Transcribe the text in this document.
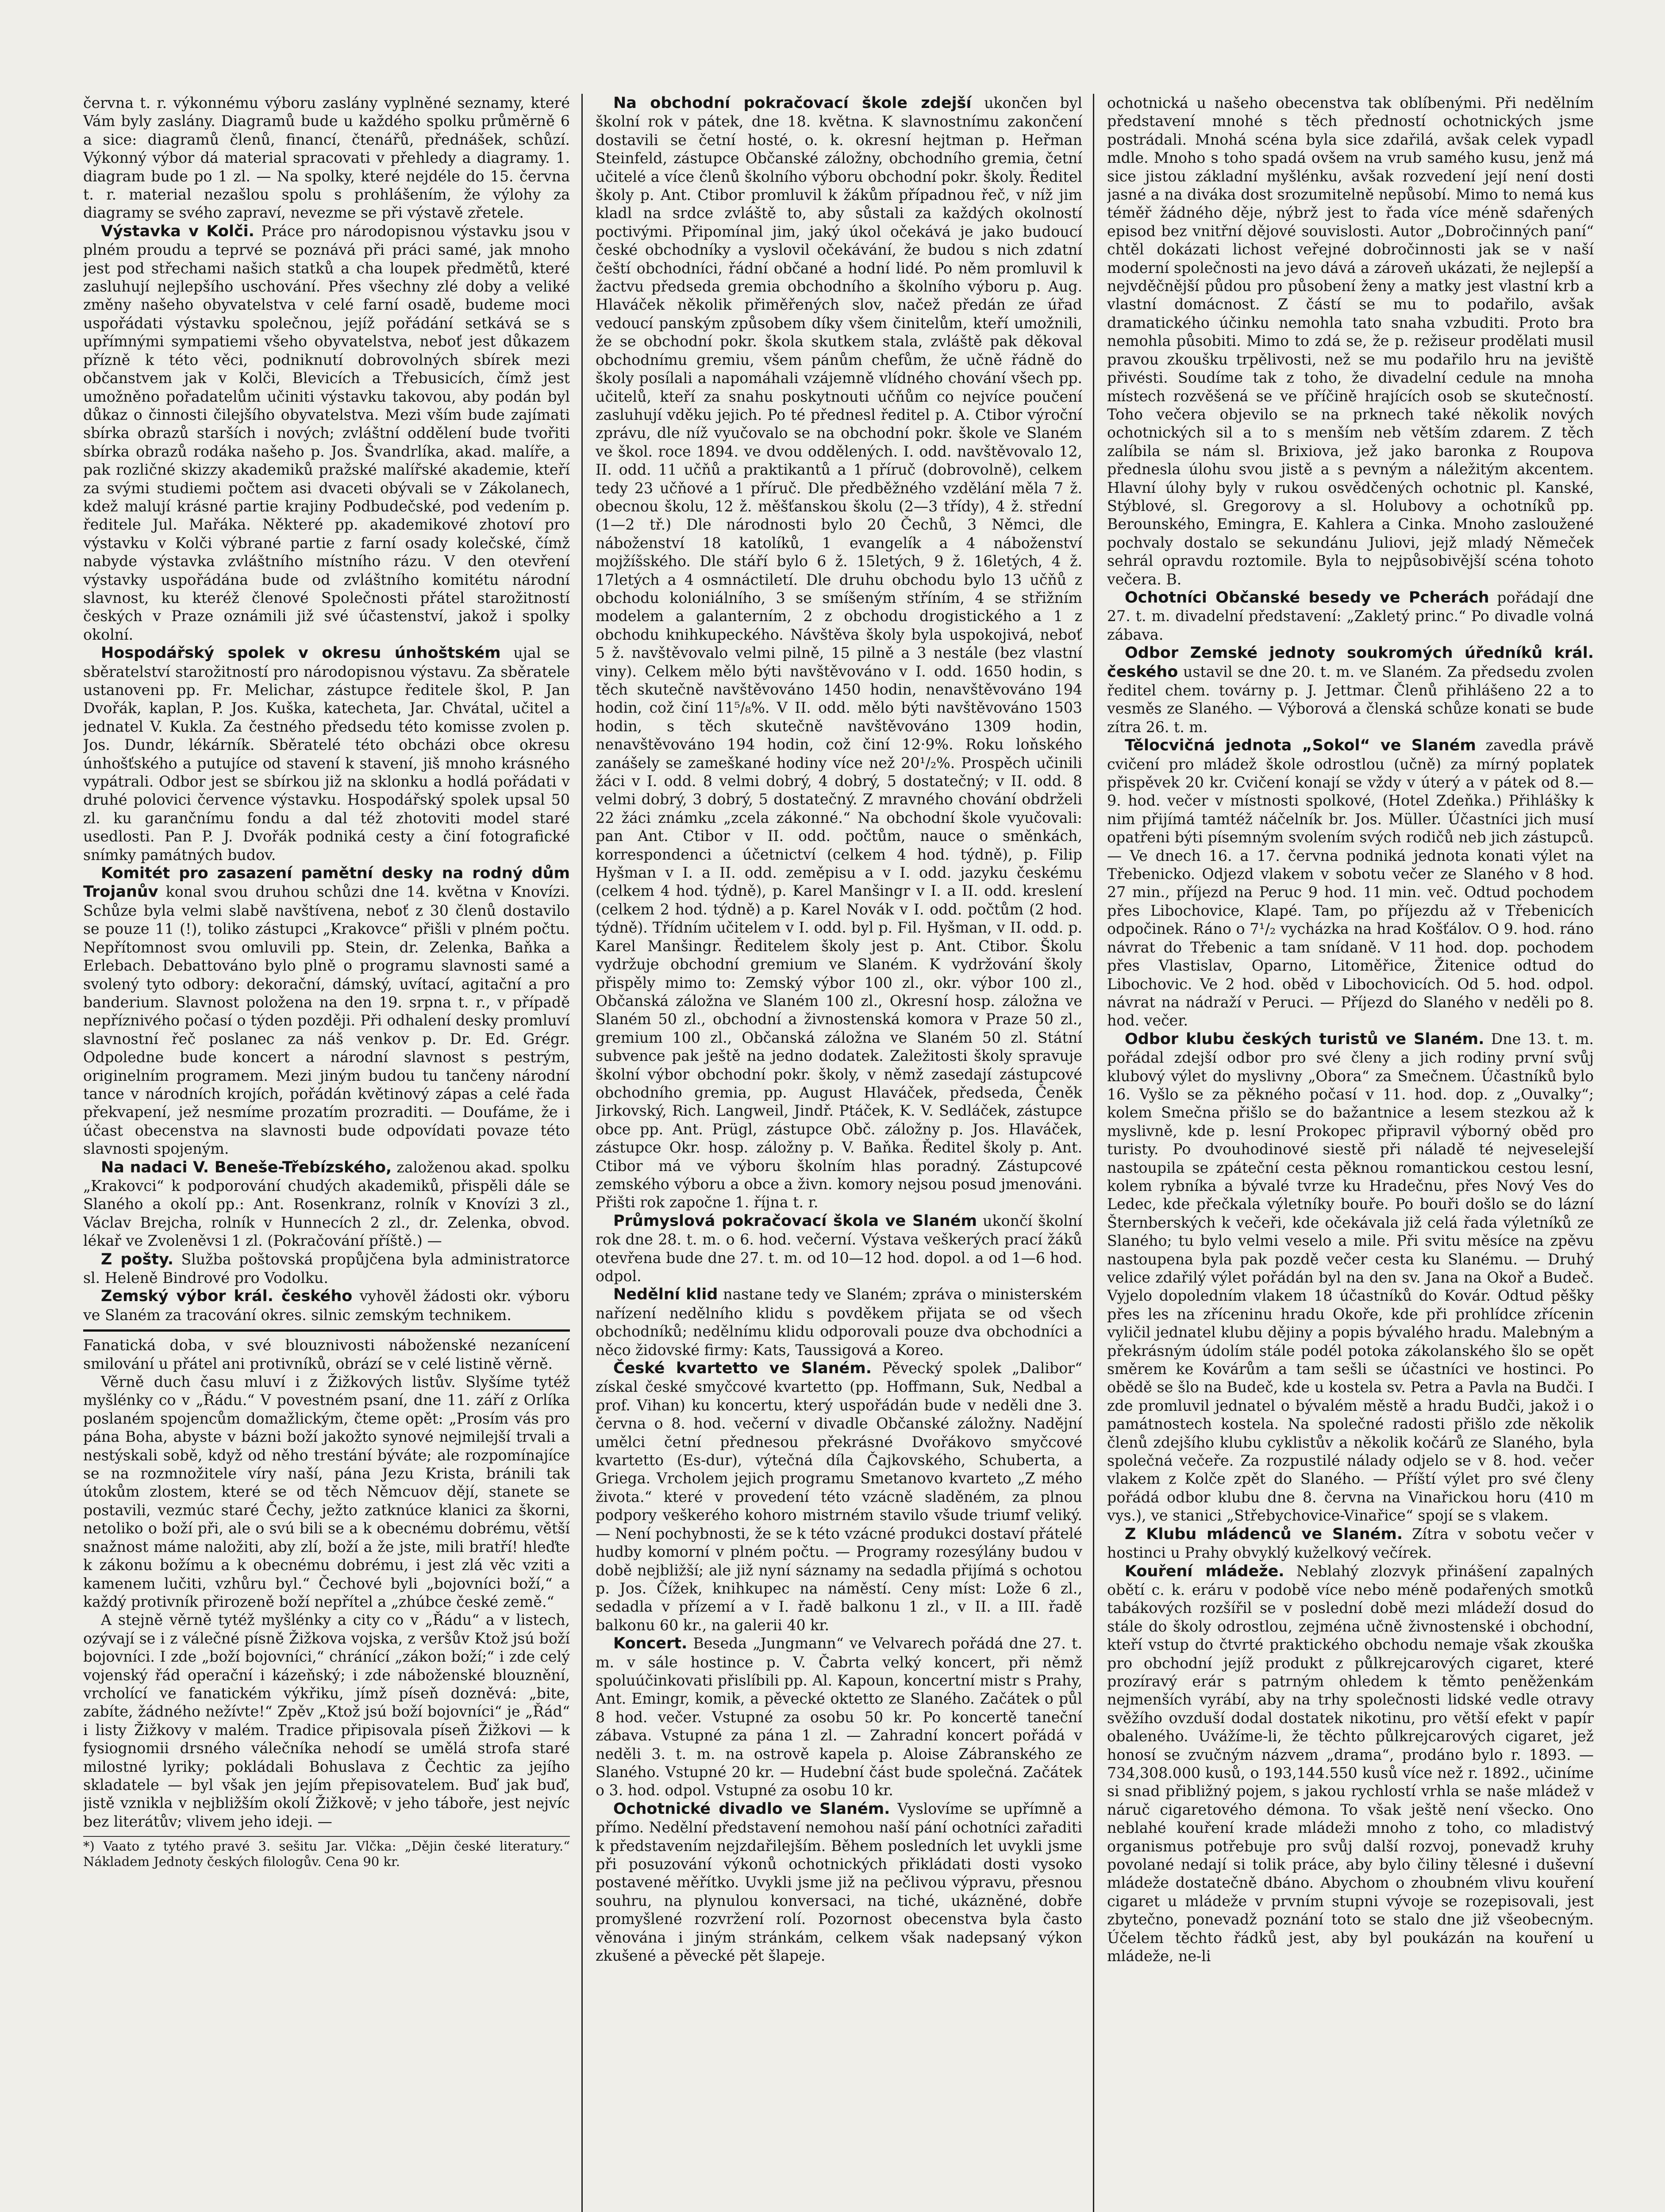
června t. r. výkonnému výboru zaslány vyplněné seznamy, které Vám byly zaslány. Diagramů bude u každého spolku průměrně 6 a sice: diagramů členů, financí, čtenářů, přednášek, schůzí. Výkonný výbor dá material spracovati v přehledy a diagramy. 1. diagram bude po 1 zl. — Na spolky, které nejdéle do 15. června t. r. material nezašlou spolu s prohlášením, že výlohy za diagramy se svého zapraví, nevezme se při výstavě zřetele.

Výstavka v Kolči. Práce pro národopisnou výstavku jsou v plném proudu a teprvé se poznává při práci samé, jak mnoho jest pod střechami našich statků a cha loupek předmětů, které zasluhují nejlepšího uschování. Přes všechny zlé doby a veliké změny našeho obyvatelstva v celé farní osadě, budeme moci uspořádati výstavku společnou, jejíž pořádání setkává se s upřímnými sympatiemi všeho obyvatelstva, neboť jest důkazem přízně k této věci, podniknutí dobrovolných sbírek mezi občanstvem jak v Kolči, Blevicích a Třebusicích, čímž jest umožněno pořadatelům učiniti výstavku takovou, aby podán byl důkaz o činnosti čilejšího obyvatelstva. Mezi vším bude zajímati sbírka obrazů starších i nových; zvláštní oddělení bude tvořiti sbírka obrazů rodáka našeho p. Jos. Švandrlíka, akad. malíře, a pak rozličné skizzy akademiků pražské malířské akademie, kteří za svými studiemi počtem asi dvaceti obývali se v Zákolanech, kdež malují krásné partie krajiny Podbudečské, pod vedením p. ředitele Jul. Mařáka. Některé pp. akademikové zhotoví pro výstavku v Kolči výbrané partie z farní osady kolečské, čímž nabyde výstavka zvláštního místního rázu. V den otevření výstavky uspořádána bude od zvláštního komitétu národní slavnost, ku kteréž členové Společnosti přátel starožitností českých v Praze oznámili již své účastenství, jakož i spolky okolní.

Hospodářský spolek v okresu únhoštském ujal se sběratelství starožitností pro národopisnou výstavu. Za sběratele ustanoveni pp. Fr. Melichar, zástupce ředitele škol, P. Jan Dvořák, kaplan, P. Jos. Kuška, katecheta, Jar. Chvátal, učitel a jednatel V. Kukla. Za čestného předsedu této komisse zvolen p. Jos. Dundr, lékárník. Sběratelé této obcházi obce okresu únhošťského a putujíce od stavení k stavení, jiš mnoho krásného vypátrali. Odbor jest se sbírkou již na sklonku a hodlá pořádati v druhé polovici července výstavku. Hospodářský spolek upsal 50 zl. ku garančnímu fondu a dal též zhotoviti model staré usedlosti. Pan P. J. Dvořák podniká cesty a činí fotografické snímky památných budov.

Komitét pro zasazení pamětní desky na rodný dům Trojanův konal svou druhou schůzi dne 14. května v Knovízi. Schůze byla velmi slabě navštívena, neboť z 30 členů dostavilo se pouze 11 (!), toliko zástupci „Krakovce“ přišli v plném počtu. Nepřítomnost svou omluvili pp. Stein, dr. Zelenka, Baňka a Erlebach. Debattováno bylo plně o programu slavnosti samé a svolený tyto odbory: dekorační, dámský, uvítací, agitační a pro banderium. Slavnost položena na den 19. srpna t. r., v případě nepříznivého počasí o týden později. Při odhalení desky promluví slavnostní řeč poslanec za náš venkov p. Dr. Ed. Grégr. Odpoledne bude koncert a národní slavnost s pestrým, originelním programem. Mezi jiným budou tu tančeny národní tance v národních krojích, pořádán květinový zápas a celé řada překvapení, jež nesmíme prozatím prozraditi. — Doufáme, že i účast obecenstva na slavnosti bude odpovídati povaze této slavnosti spojeným.

Na nadaci V. Beneše-Třebízského, založenou akad. spolku „Krakovci“ k podporování chudých akademiků, přispěli dále se Slaného a okolí pp.: Ant. Rosenkranz, rolník v Knovízi 3 zl., Václav Brejcha, rolník v Hunnecích 2 zl., dr. Zelenka, obvod. lékař ve Zvoleněvsi 1 zl. (Pokračování příště.) —

Z pošty. Služba poštovská propůjčena byla administratorce sl. Heleně Bindrové pro Vodolku.

Zemský výbor král. českého vyhověl žádosti okr. výboru ve Slaném za tracování okres. silnic zemským technikem.

Fanatická doba, v své blouznivosti náboženské nezanícení smilování u přátel ani protivníků, obrází se v celé listině věrně.

Věrně duch času mluví i z Žižkových listův. Slyšíme tytéž myšlénky co v „Řádu.“ V povestném psaní, dne 11. září z Orlíka poslaném spojencům domažlickým, čteme opět: „Prosím vás pro pána Boha, abyste v bázni boží jakožto synové nejmilejší trvali a nestýskali sobě, když od něho trestání býváte; ale rozpomínajíce se na rozmnožitele víry naší, pána Jezu Krista, bránili tak útokům zlostem, které se od těch Němcuov dějí, stanete se postavili, vezmúc staré Čechy, ježto zatknúce klanici za škorni, netoliko o boží při, ale o svú bili se a k obecnému dobrému, větší snažnost máme naložiti, aby zlí, boží a že jste, mili bratří! hleďte k zákonu božímu a k obecnému dobrému, i jest zlá věc vziti a kamenem lučiti, vzhůru byl.“ Čechové byli „bojovníci boží,“ a každý protivník přirozeně boží nepřítel a „zhúbce české země.“

A stejně věrně tytéž myšlénky a city co v „Řádu“ a v listech, ozývají se i z válečné písně Žižkova vojska, z veršův Ktož jsú boží bojovníci. I zde „boží bojovníci,“ chránící „zákon boží;“ i zde celý vojenský řád operační i kázeňský; i zde náboženské blouznění, vrcholící ve fanatickém výkřiku, jímž píseň dozněvá: „bite, zabíte, žádného nežívte!“ Zpěv „Ktož jsú boží bojovníci“ je „Řád“ i listy Žižkovy v malém. Tradice připisovala píseň Žižkovi — k fysiognomii drsného válečníka nehodí se umělá strofa staré milostné lyriky; pokládali Bohuslava z Čechtic za jejího skladatele — byl však jen jejím přepisovatelem. Buď jak buď, jistě vznikla v nejbližším okolí Žižkově; v jeho táboře, jest nejvíc bez literátův; vlivem jeho ideji. —

*) Vaato z tytého pravé 3. sešitu Jar. Vlčka: „Dějin české literatury.“ Nákladem Jednoty českých filologův. Cena 90 kr.

Na obchodní pokračovací škole zdejší ukončen byl školní rok v pátek, dne 18. května. K slavnostnímu zakončení dostavili se četní hosté, o. k. okresní hejtman p. Heřman Steinfeld, zástupce Občanské záložny, obchodního gremia, četní učitelé a více členů školního výboru obchodní pokr. školy. Ředitel školy p. Ant. Ctibor promluvil k žákům případnou řeč, v níž jim kladl na srdce zvláště to, aby sůstali za každých okolností poctivými. Připomínal jim, jaký úkol očekává je jako budoucí české obchodníky a vyslovil očekávání, že budou s nich zdatní čeští obchodníci, řádní občané a hodní lidé. Po něm promluvil k žactvu předseda gremia obchodního a školního výboru p. Aug. Hlaváček několik přiměřených slov, načež předán ze úřad vedoucí panským způsobem díky všem činitelům, kteří umožnili, že se obchodní pokr. škola skutkem stala, zvláště pak děkoval obchodnímu gremiu, všem pánům chefům, že učně řádně do školy posílali a napomáhali vzájemně vlídného chování všech pp. učitelů, kteří za snahu poskytnouti učňům co nejvíce poučení zasluhují vděku jejich. Po té přednesl ředitel p. A. Ctibor výroční zprávu, dle níž vyučovalo se na obchodní pokr. škole ve Slaném ve škol. roce 1894. ve dvou oddělených. I. odd. navštěvovalo 12, II. odd. 11 učňů a praktikantů a 1 příruč (dobrovolně), celkem tedy 23 učňové a 1 příruč. Dle předběžného vzdělání měla 7 ž. obecnou školu, 12 ž. měšťanskou školu (2—3 třídy), 4 ž. střední (1—2 tř.) Dle národnosti bylo 20 Čechů, 3 Němci, dle náboženství 18 katolíků, 1 evangelík a 4 náboženství mojžíšského. Dle stáří bylo 6 ž. 15letých, 9 ž. 16letých, 4 ž. 17letých a 4 osmnáctiletí. Dle druhu obchodu bylo 13 učňů z obchodu koloniálního, 3 se smíšeným stříním, 4 se střižním modelem a galanterním, 2 z obchodu drogistického a 1 z obchodu knihkupeckého. Návštěva školy byla uspokojivá, neboť 5 ž. navštěvovalo velmi pilně, 15 pilně a 3 nestále (bez vlastní viny). Celkem mělo býti navštěvováno v I. odd. 1650 hodin, s těch skutečně navštěvováno 1450 hodin, nenavštěvováno 194 hodin, což činí 11⁵/₈%. V II. odd. mělo býti navštěvováno 1503 hodin, s těch skutečně navštěvováno 1309 hodin, nenavštěvováno 194 hodin, což činí 12·9%. Roku loňského zanášely se zameškané hodiny více než 20¹/₂%. Prospěch učinili žáci v I. odd. 8 velmi dobrý, 4 dobrý, 5 dostatečný; v II. odd. 8 velmi dobrý, 3 dobrý, 5 dostatečný. Z mravného chování obdrželi 22 žáci známku „zcela zákonné.“ Na obchodní škole vyučovali: pan Ant. Ctibor v II. odd. počtům, nauce o směnkách, korrespondenci a účetnictví (celkem 4 hod. týdně), p. Filip Hyšman v I. a II. odd. zeměpisu a v I. odd. jazyku českému (celkem 4 hod. týdně), p. Karel Manšingr v I. a II. odd. kreslení (celkem 2 hod. týdně) a p. Karel Novák v I. odd. počtům (2 hod. týdně). Třídním učitelem v I. odd. byl p. Fil. Hyšman, v II. odd. p. Karel Manšingr. Ředitelem školy jest p. Ant. Ctibor. Školu vydržuje obchodní gremium ve Slaném. K vydržování školy přispěly mimo to: Zemský výbor 100 zl., okr. výbor 100 zl., Občanská záložna ve Slaném 100 zl., Okresní hosp. záložna ve Slaném 50 zl., obchodní a živnostenská komora v Praze 50 zl., gremium 100 zl., Občanská záložna ve Slaném 50 zl. Státní subvence pak ještě na jedno dodatek. Zaležitosti školy spravuje školní výbor obchodní pokr. školy, v němž zasedají zástupcové obchodního gremia, pp. August Hlaváček, předseda, Čeněk Jirkovský, Rich. Langweil, Jindř. Ptáček, K. V. Sedláček, zástupce obce pp. Ant. Prügl, zástupce Obč. záložny p. Jos. Hlaváček, zástupce Okr. hosp. záložny p. V. Baňka. Ředitel školy p. Ant. Ctibor má ve výboru školním hlas poradný. Zástupcové zemského výboru a obce a živn. komory nejsou posud jmenováni. Přišti rok započne 1. října t. r.

Průmyslová pokračovací škola ve Slaném ukončí školní rok dne 28. t. m. o 6. hod. večerní. Výstava veškerých prací žáků otevřena bude dne 27. t. m. od 10—12 hod. dopol. a od 1—6 hod. odpol.

Nedělní klid nastane tedy ve Slaném; zpráva o ministerském nařízení nedělního klidu s povděkem přijata se od všech obchodníků; nedělnímu klidu odporovali pouze dva obchodníci a něco židovské firmy: Kats, Taussigová a Koreo.

České kvartetto ve Slaném. Pěvecký spolek „Dalibor“ získal české smyčcové kvartetto (pp. Hoffmann, Suk, Nedbal a prof. Vihan) ku koncertu, který uspořádán bude v neděli dne 3. června o 8. hod. večerní v divadle Občanské záložny. Nadějní umělci četní přednesou překrásné Dvořákovo smyčcové kvartetto (Es-dur), výtečná díla Čajkovského, Schuberta, a Griega. Vrcholem jejich programu Smetanovo kvarteto „Z mého života.“ které v provedení této vzácně sladěném, za plnou podpory veškerého kohoro mistrném stavilo všude triumf veliký. — Není pochybnosti, že se k této vzácné produkci dostaví přátelé hudby komorní v plném počtu. — Programy rozesýlány budou v době nejbližší; ale již nyní sáznamy na sedadla přijímá s ochotou p. Jos. Čížek, knihkupec na náměstí. Ceny míst: Lože 6 zl., sedadla v přízemí a v I. řadě balkonu 1 zl., v II. a III. řadě balkonu 60 kr., na galerii 40 kr.

Koncert. Beseda „Jungmann“ ve Velvarech pořádá dne 27. t. m. v sále hostince p. V. Čabrta velký koncert, při němž spoluúčinkovati přislíbili pp. Al. Kapoun, koncertní mistr s Prahy, Ant. Emingr, komik, a pěvecké oktetto ze Slaného. Začátek o půl 8 hod. večer. Vstupné za osobu 50 kr. Po koncertě taneční zábava. Vstupné za pána 1 zl. — Zahradní koncert pořádá v neděli 3. t. m. na ostrově kapela p. Aloise Zábranského ze Slaného. Vstupné 20 kr. — Hudební část bude společná. Začátek o 3. hod. odpol. Vstupné za osobu 10 kr.

Ochotnické divadlo ve Slaném. Vyslovíme se upřímně a přímo. Nedělní představení nemohou naší pání ochotníci zařaditi k představením nejzdařilejším. Během posledních let uvykli jsme při posuzování výkonů ochotnických přikládati dosti vysoko postavené měřítko. Uvykli jsme již na pečlivou výpravu, přesnou souhru, na plynulou konversaci, na tiché, ukázněné, dobře promyšlené rozvržení rolí. Pozornost obecenstva byla často věnována i jiným stránkám, celkem však nadepsaný výkon zkušené a pěvecké pět šlapeje.

ochotnická u našeho obecenstva tak oblíbenými. Při nedělním představení mnohé s těch předností ochotnických jsme postrádali. Mnohá scéna byla sice zdařilá, avšak celek vypadl mdle. Mnoho s toho spadá ovšem na vrub samého kusu, jenž má sice jistou základní myšlénku, avšak rozvedení její není dosti jasné a na diváka dost srozumitelně nepůsobí. Mimo to nemá kus téměř žádného děje, nýbrž jest to řada více méně sdařených episod bez vnitřní dějové souvislosti. Autor „Dobročinných paní“ chtěl dokázati lichost veřejné dobročinnosti jak se v naší moderní společnosti na jevo dává a zároveň ukázati, že nejlepší a nejvděčnější půdou pro působení ženy a matky jest vlastní krb a vlastní domácnost. Z částí se mu to podařilo, avšak dramatického účinku nemohla tato snaha vzbuditi. Proto bra nemohla působiti. Mimo to zdá se, že p. režiseur prodělati musil pravou zkoušku trpělivosti, než se mu podařilo hru na jeviště přivésti. Soudíme tak z toho, že divadelní cedule na mnoha místech rozvěšená se ve příčině hrajících osob se skutečností. Toho večera objevilo se na prknech také několik nových ochotnických sil a to s menším neb větším zdarem. Z těch zalíbila se nám sl. Brixiova, jež jako baronka z Roupova přednesla úlohu svou jistě a s pevným a náležitým akcentem. Hlavní úlohy byly v rukou osvědčených ochotnic pl. Kanské, Stýblové, sl. Gregorovy a sl. Holubovy a ochotníků pp. Berounského, Emingra, E. Kahlera a Cinka. Mnoho zasloužené pochvaly dostalo se sekundánu Juliovi, jejž mladý Němeček sehrál opravdu roztomile. Byla to nejpůsobivější scéna tohoto večera. B.

Ochotníci Občanské besedy ve Pcherách pořádají dne 27. t. m. divadelní představení: „Zakletý princ.“ Po divadle volná zábava.

Odbor Zemské jednoty soukromých úředníků král. českého ustavil se dne 20. t. m. ve Slaném. Za předsedu zvolen ředitel chem. továrny p. J. Jettmar. Členů přihlášeno 22 a to vesměs ze Slaného. — Výborová a členská schůze konati se bude zítra 26. t. m.

Tělocvičná jednota „Sokol“ ve Slaném zavedla právě cvičení pro mládež škole odrostlou (učně) za mírný poplatek přispěvek 20 kr. Cvičení konají se vždy v úterý a v pátek od 8.—9. hod. večer v místnosti spolkové, (Hotel Zdeňka.) Přihlášky k nim přijímá tamtéž náčelník br. Jos. Müller. Účastníci jich musí opatřeni býti písemným svolením svých rodičů neb jich zástupců. — Ve dnech 16. a 17. června podniká jednota konati výlet na Třebenicko. Odjezd vlakem v sobotu večer ze Slaného v 8 hod. 27 min., příjezd na Peruc 9 hod. 11 min. več. Odtud pochodem přes Libochovice, Klapé. Tam, po příjezdu až v Třebenicích odpočinek. Ráno o 7¹/₂ vycházka na hrad Košťálov. O 9. hod. ráno návrat do Třebenic a tam snídaně. V 11 hod. dop. pochodem přes Vlastislav, Oparno, Litoměřice, Žitenice odtud do Libochovic. Ve 2 hod. oběd v Libochovicích. Od 5. hod. odpol. návrat na nádraží v Peruci. — Příjezd do Slaného v neděli po 8. hod. večer.

Odbor klubu českých turistů ve Slaném. Dne 13. t. m. pořádal zdejší odbor pro své členy a jich rodiny první svůj klubový výlet do myslivny „Obora“ za Smečnem. Účastníků bylo 16. Vyšlo se za pěkného počasí v 11. hod. dop. z „Ouvalky“; kolem Smečna přišlo se do bažantnice a lesem stezkou až k myslivně, kde p. lesní Prokopec připravil výborný oběd pro turisty. Po dvouhodinové siestě při náladě té nejveselejší nastoupila se zpáteční cesta pěknou romantickou cestou lesní, kolem rybníka a bývalé tvrze ku Hradečnu, přes Nový Ves do Ledec, kde přečkala výletníky bouře. Po bouři došlo se do lázní Šternberských k večeři, kde očekávala již celá řada výletníků ze Slaného; tu bylo velmi veselo a mile. Při svitu měsíce na zpěvu nastoupena byla pak pozdě večer cesta ku Slanému. — Druhý velice zdařilý výlet pořádán byl na den sv. Jana na Okoř a Budeč. Vyjelo dopoledním vlakem 18 účastníků do Kovár. Odtud pěšky přes les na zříceninu hradu Okoře, kde při prohlídce zřícenin vyličil jednatel klubu dějiny a popis bývalého hradu. Malebným a překrásným údolím stále podél potoka zákolanského šlo se opět směrem ke Kovárům a tam sešli se účastníci ve hostinci. Po obědě se šlo na Budeč, kde u kostela sv. Petra a Pavla na Budči. I zde promluvil jednatel o bývalém městě a hradu Budči, jakož i o památnostech kostela. Na společné radosti přišlo zde několik členů zdejšího klubu cyklistův a několik kočárů ze Slaného, byla společná večeře. Za rozpustilé nálady odjelo se v 8. hod. večer vlakem z Kolče zpět do Slaného. — Příští výlet pro své členy pořádá odbor klubu dne 8. června na Vinařickou horu (410 m vys.), ve stanici „Střebychovice-Vinařice“ spojí se s vlakem.

Z Klubu mládenců ve Slaném. Zítra v sobotu večer v hostinci u Prahy obvyklý kuželkový večírek.

Kouření mládeže. Neblahý zlozvyk přinášení zapalných obětí c. k. eráru v podobě více nebo méně podařených smotků tabákových rozšířil se v poslední době mezi mládeží dosud do stále do školy odrostlou, zejména učně živnostenské i obchodní, kteří vstup do čtvrté praktického obchodu nemaje však zkouška pro obchodní jejíž produkt z půlkrejcarových cigaret, které prozíravý erár s patrným ohledem k těmto peněženkám nejmenších vyrábí, aby na trhy společnosti lidské vedle otravy svěžího ovzduší dodal dostatek nikotinu, pro větší efekt v papír obaleného. Uvážíme-li, že těchto půlkrejcarových cigaret, jež honosí se zvučným názvem „drama“, prodáno bylo r. 1893. — 734,308.000 kusů, o 193,144.550 kusů více než r. 1892., učiníme si snad přibližný pojem, s jakou rychlostí vrhla se naše mládež v náruč cigaretového démona. To však ještě není všecko. Ono neblahé kouření krade mládeži mnoho z toho, co mladistvý organismus potřebuje pro svůj další rozvoj, ponevadž kruhy povolané nedají si tolik práce, aby bylo čiliny tělesné i duševní mládeže dostatečně dbáno. Abychom o zhoubném vlivu kouření cigaret u mládeže v prvním stupni vývoje se rozepisovali, jest zbytečno, ponevadž poznání toto se stalo dne již všeobecným. Účelem těchto řádků jest, aby byl poukázán na kouření u mládeže, ne-li
